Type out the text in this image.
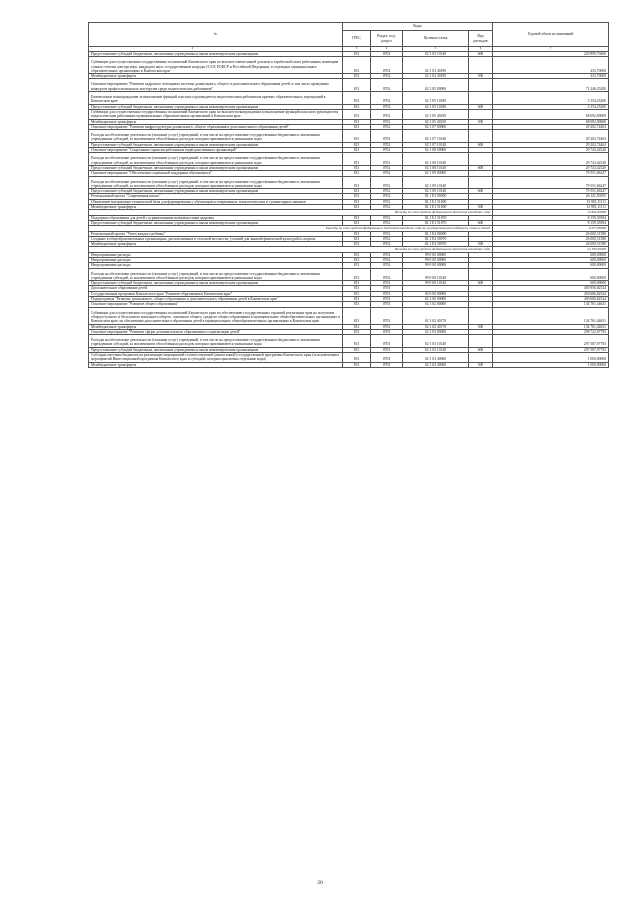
№	Коды				Годовой объем ассигнований
	ГРБС	Раздел, под-раздел	Целевая статья	Вид расходов	
. 2	3	4	5	6	7
Предоставление субсидий бюджетным, автономным учреждениям и иным некоммерческим организациям	813	0702	02 1 03 10140	600	220 899,70400

Субвенции для осуществления государственных полномочий Камчатского края по выплате ежемесячной доплаты к заработной плате работникам, имеющим ученые степени доктора наук, кандидата наук, государственные награды СССР, РСФСР и Российской Федерации, в отдельных муниципальных образовательных организациях в Камчатском крае	813	0702	02 1 03 40190		233,70000
Межбюджетные трансферты	813	0702	02 1 03 40190	500	233,70000

Основное мероприятие "Развитие кадрового потенциала системы дошкольного, общего и дополнительного образования детей, в том числе проведение конкурсов профессионального мастерства среди педагогических работников"	813	0702	02 1 05 00000		71 246,25200

Ежемесячное вознаграждение за выполнение функций классного руководителя педагогическим работникам краевых образовательных учреждений в Камчатском крае	813	0702	02 1 05 10180		3 154,25200
Предоставление субсидий бюджетным, автономным учреждениям и иным некоммерческим организациям	813	0702	02 1 05 10180	600	3 154,25200
Субвенции для осуществления государственных полномочий Камчатского края по выплате вознаграждения за выполнение функций классного руководителя педагогическим работникам муниципальных образовательных организаций в Камчатском крае	813	0702	02 1 05 40250		68 092,00000
Межбюджетные трансферты	813	0702	02 1 05 40250	500	68 092,00000
Основное мероприятие "Развитие инфраструктуры дошкольного, общего образования и дополнительного образования детей"	813	0702	02 1 07 00000		29 202,74463

Расходы на обеспечение деятельности (оказание услуг) учреждений, в том числе на предоставление государственным бюджетным и автономным учреждениям субсидий, за исключением обособленных расходов, которым присваиваются уникальные коды	813	0702	02 1 07 10140		29 202,74463
Предоставление субсидий бюджетным, автономным учреждениям и иным некоммерческим организациям	813	0702	02 1 07 10140	600	29 202,74463
Основное мероприятие "Социальные гарантии работникам подведомственных организаций"	813	0702	02 1 08 00000		29 743,42520

Расходы на обеспечение деятельности (оказание услуг) учреждений, в том числе на предоставление государственным бюджетным и автономным учреждениям субсидий, за исключением обособленных расходов, которым присваиваются уникальные коды	813	0702	02 1 08 10140		29 743,42520
Предоставление субсидий бюджетным, автономным учреждениям и иным некоммерческим организациям	813	0702	02 1 08 10140	600	29 743,42520
Основное мероприятие "Обеспечение социальной поддержки обучающихся"	813	0702	02 1 09 00000		79 551,66247

Расходы на обеспечение деятельности (оказание услуг) учреждений, в том числе на предоставление государственным бюджетным и автономным учреждениям субсидий, за исключением обособленных расходов, которым присваиваются уникальные коды	813	0702	02 1 09 10140		79 551,66247
Предоставление субсидий бюджетным, автономным учреждениям и иным некоммерческим организациям	813	0702	02 1 09 10140	600	79 551,66247
Региональный проект "Современная школа"	813	0702	02 1 E1 00000		26 141,50505
Обновление материально-технической базы для формирования у обучающихся современных технологических и гуманитарных навыков	813	0702	02 1 E1 51690		13 981,11111
Межбюджетные трансферты	813	0702	02 1 E1 51690	500	13 981,11111
Расходы за счет средств федерального бюджета вошедшие года					13 842,30000
Поддержка образования для детей с ограниченными возможностями здоровья	813	0702	02 1 E1 51870		8 159,39394
Предоставление субсидий бюджетным, автономным учреждениям и иным некоммерческим организациям	813	0702	02 1 E1 51870	600	8 159,39394
Расходы за счет средств федерального бюджета вошедшие года на государственную поддержку семьи и детей					8 077,80000
Региональный проект "Успех каждого ребенка"	813	0702	02 1 E2 00000		26 000,51580
Создание в общеобразовательных организациях, расположенных в сельской местности, условий для занятий физической культурой и спортом	813	0702	02 1 E2 50970		26 000,51580
Межбюджетные трансферты	813	0702	02 1 E2 50970	500	26 000,51580
Расходы за счет средств федерального бюджета вошедшие года					24 700,30000
Непрограммные расходы	813	0702	99 0 00 00000		600,00000
Непрограммные расходы	813	0702	99 0 00 00000		600,00000
Непрограммные расходы	813	0702	99 0 00 00000		600,00000

Расходы на обеспечение деятельности (оказание услуг) учреждений, в том числе на предоставление государственным бюджетным и автономным учреждениям субсидий, за исключением обособленных расходов, которым присваиваются уникальные коды	813	0702	99 0 00 10140		600,00000
Предоставление субсидий бюджетным, автономным учреждениям и иным некоммерческим организациям	813	0702	99 0 00 10140	600	600,00000
Дополнительное образование детей	813	0703			450 956,82524
Государственная программа Камчатского края "Развитие образования в Камчатском крае"	813	0703	02 0 00 00000		450 606,82524
Подпрограмма "Развитие дошкольного, общего образования и дополнительного образования детей в Камчатском крае"	813	0703	02 1 00 00000		450 606,82524
Основное мероприятие "Развитие общего образования"	813	0703	02 1 02 00000		134 761,44631

Субвенции для осуществления государственных полномочий Камчатского края по обеспечению государственных гарантий реализации прав на получение общедоступного и бесплатного начального общего, основного общего, среднего общего образования в муниципальных общеобразовательных организациях в Камчатском крае, на обеспечение дополнительного образования детей в муниципальных общеобразовательных организациях в Камчатском крае	813	0703	02 1 02 40170		134 761,44631
Межбюджетные трансферты	813	0703	02 1 02 40170	500	134 761,44631
Основное мероприятие "Развитие сферы дополнительного образования и социализации детей"	813	0703	02 1 03 00000		298 722,07793

Расходы на обеспечение деятельности (оказание услуг) учреждений, в том числе на предоставление государственным бюджетным и автономным учреждениям субсидий, за исключением обособленных расходов, которым присваиваются уникальные коды	813	0703	02 1 03 10140		297 587,97793
Предоставление субсидий бюджетным, автономным учреждениям и иным некоммерческим организациям	813	0703	02 1 03 10140	600	297 587,97793
Субсидии местным бюджетам на реализацию мероприятий соответствующей (аналогичной) государственной программы Камчатского края (за исключением мероприятий Инвестиционной программы Камчатского края и субсидий, которым присвоены отдельные коды)	813	0703	02 1 03 40060		1 000,00000
Межбюджетные трансферты	813	0703	02 1 03 40060	500	1 000,00000
20
